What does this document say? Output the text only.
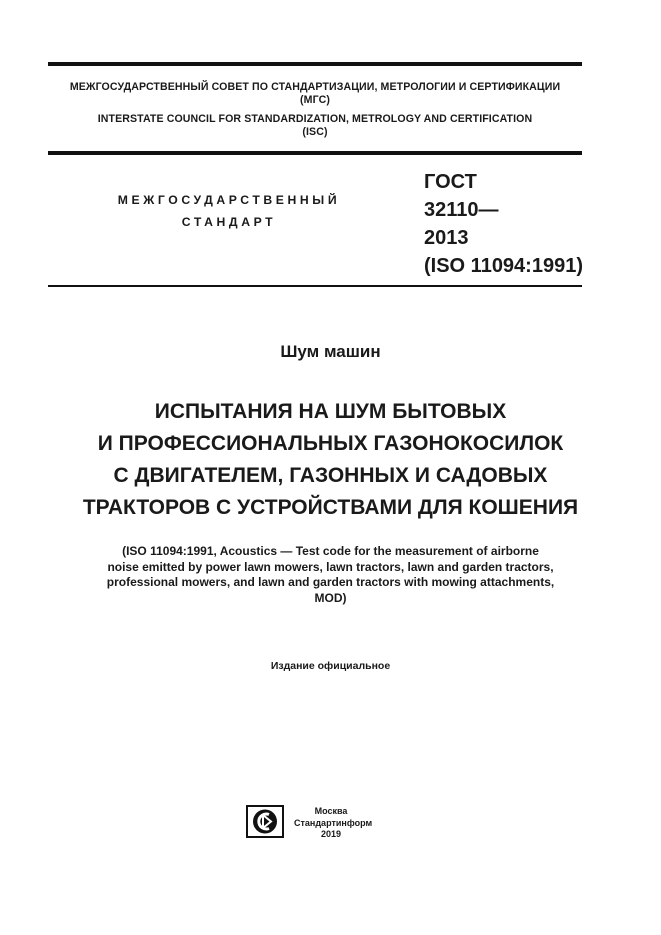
МЕЖГОСУДАРСТВЕННЫЙ СОВЕТ ПО СТАНДАРТИЗАЦИИ, МЕТРОЛОГИИ И СЕРТИФИКАЦИИ
(МГС)
INTERSTATE COUNCIL FOR STANDARDIZATION, METROLOGY AND CERTIFICATION
(ISC)
МЕЖГОСУДАРСТВЕННЫЙ
СТАНДАРТ
ГОСТ
32110—
2013
(ISO 11094:1991)
Шум машин
ИСПЫТАНИЯ НА ШУМ БЫТОВЫХ
И ПРОФЕССИОНАЛЬНЫХ ГАЗОНОКОСИЛОК
С ДВИГАТЕЛЕМ, ГАЗОННЫХ И САДОВЫХ
ТРАКТОРОВ С УСТРОЙСТВАМИ ДЛЯ КОШЕНИЯ
(ISO 11094:1991, Acoustics — Test code for the measurement of airborne
noise emitted by power lawn mowers, lawn tractors, lawn and garden tractors,
professional mowers, and lawn and garden tractors with mowing attachments,
MOD)
Издание официальное
Москва
Стандартинформ
2019
